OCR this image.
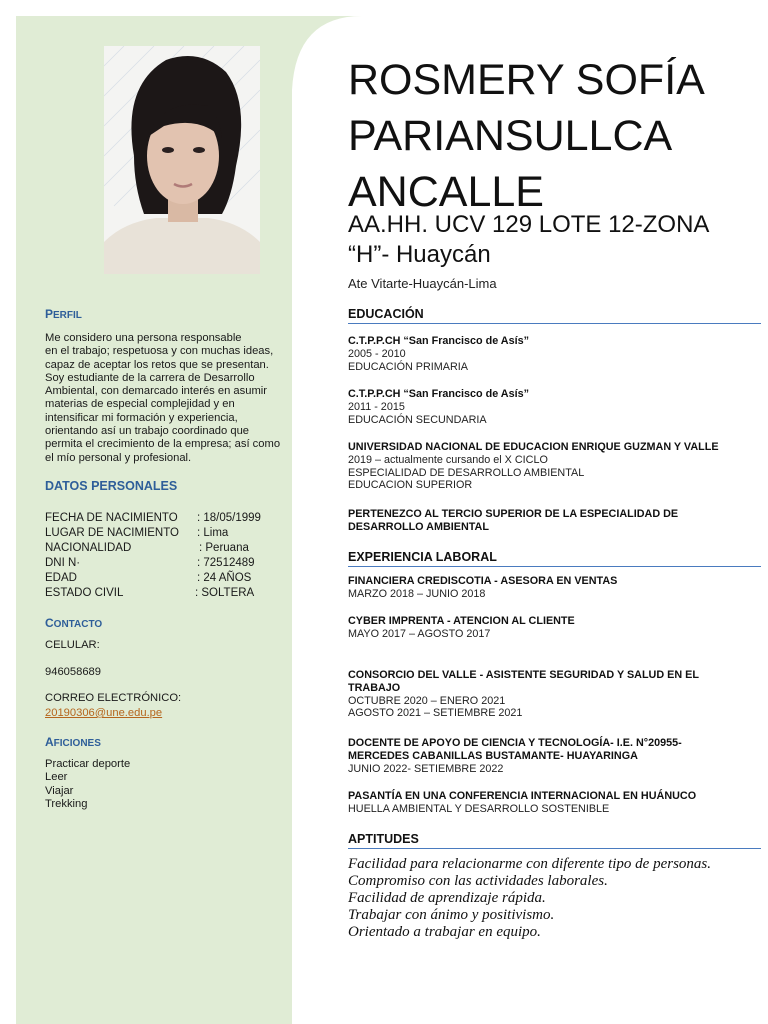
PERFIL
Me considero una persona responsable
en el trabajo; respetuosa y con muchas ideas,
capaz de aceptar los retos que se presentan.
Soy estudiante de la carrera de Desarrollo
Ambiental, con demarcado interés en asumir
materias de especial complejidad y en
intensificar mi formación y experiencia,
orientando así un trabajo coordinado que
permita el crecimiento de la empresa; así como
el mío personal y profesional.
DATOS PERSONALES
FECHA DE NACIMIENTO : 18/05/1999
LUGAR DE NACIMIENTO : Lima
NACIONALIDAD	: Peruana
DNI N·	: 72512489
EDAD	: 24 AÑOS
ESTADO CIVIL	: SOLTERA
CONTACTO
CELULAR:
946058689
CORREO ELECTRÓNICO:
20190306@une.edu.pe
AFICIONES
Practicar deporte
Leer
Viajar
Trekking
ROSMERY SOFÍA
PARIANSULLCA
ANCALLE
AA.HH. UCV 129 LOTE 12-ZONA
“H”- Huaycán
Ate Vitarte-Huaycán-Lima
EDUCACIÓN
C.T.P.P.CH “San Francisco de Asís”
2005 - 2010
EDUCACIÓN PRIMARIA
C.T.P.P.CH “San Francisco de Asís”
2011 - 2015
EDUCACIÓN SECUNDARIA
UNIVERSIDAD NACIONAL DE EDUCACION ENRIQUE GUZMAN Y VALLE
2019 – actualmente cursando el X CICLO
ESPECIALIDAD DE DESARROLLO AMBIENTAL
EDUCACION SUPERIOR
PERTENEZCO AL TERCIO SUPERIOR DE LA ESPECIALIDAD DE
DESARROLLO AMBIENTAL
EXPERIENCIA LABORAL
FINANCIERA CREDISCOTIA - ASESORA EN VENTAS
MARZO 2018 – JUNIO 2018
CYBER IMPRENTA - ATENCION AL CLIENTE
MAYO 2017 – AGOSTO 2017
CONSORCIO DEL VALLE - ASISTENTE SEGURIDAD Y SALUD EN EL
TRABAJO
OCTUBRE 2020 – ENERO 2021
AGOSTO 2021 – SETIEMBRE 2021
DOCENTE DE APOYO DE CIENCIA Y TECNOLOGÍA- I.E. N°20955-
MERCEDES CABANILLAS BUSTAMANTE- HUAYARINGA
JUNIO 2022- SETIEMBRE 2022
PASANTÍA EN UNA CONFERENCIA INTERNACIONAL EN HUÁNUCO
HUELLA AMBIENTAL Y DESARROLLO SOSTENIBLE
APTITUDES
Facilidad para relacionarme con diferente tipo de personas.
Compromiso con las actividades laborales.
Facilidad de aprendizaje rápida.
Trabajar con ánimo y positivismo.
Orientado a trabajar en equipo.
